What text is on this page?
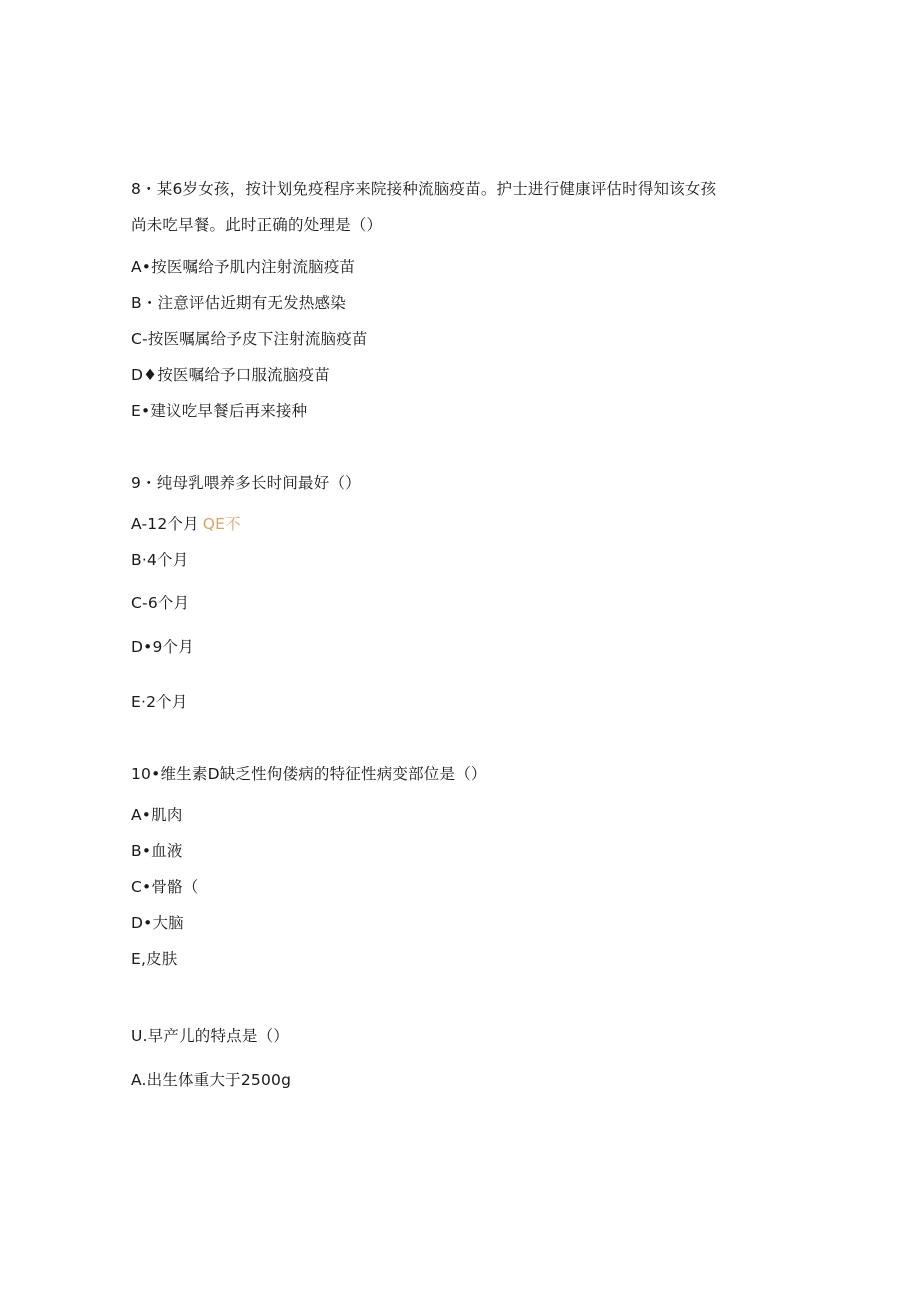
8・某6岁女孩，按计划免疫程序来院接种流脑疫苗。护士进行健康评估时得知该女孩
尚未吃早餐。此时正确的处理是（）
A•按医嘱给予肌内注射流脑疫苗
B・注意评估近期有无发热感染
C-按医嘱属给予皮下注射流脑疫苗
D♦按医嘱给予口服流脑疫苗
E•建议吃早餐后再来接种
9・纯母乳喂养多长时间最好（）
A-12个月 QE不
B·4个月
C-6个月
D•9个月
E·2个月
10•维生素D缺乏性佝偻病的特征性病变部位是（）
A•肌肉
B•血液
C•骨骼（
D•大脑
E,皮肤
U.早产儿的特点是（）
A.出生体重大于2500g
